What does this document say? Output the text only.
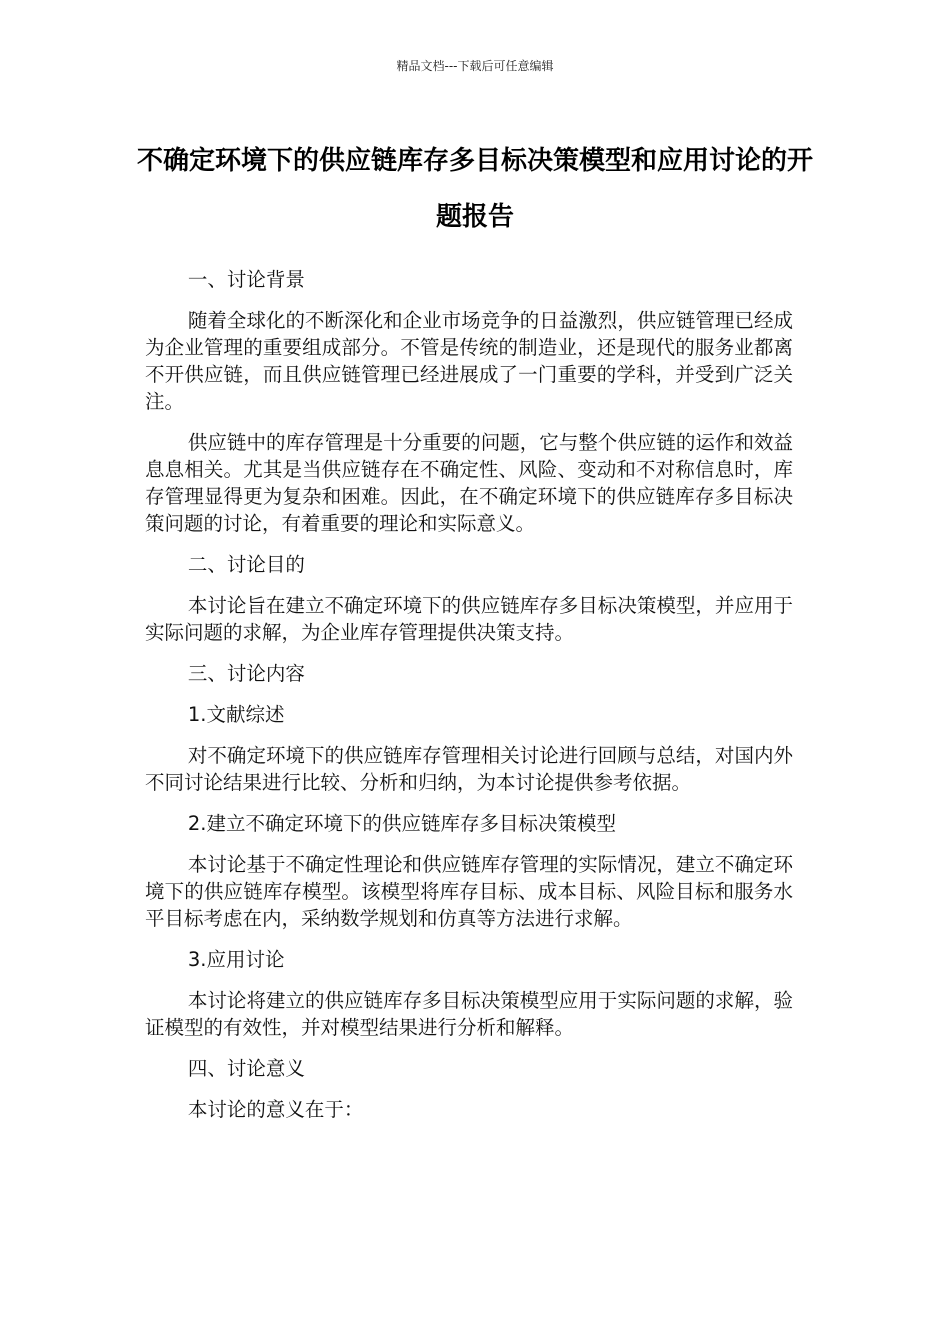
精品文档---下载后可任意编辑
不确定环境下的供应链库存多目标决策模型和应用讨论的开题报告

一、讨论背景

随着全球化的不断深化和企业市场竞争的日益激烈，供应链管理已经成为企业管理的重要组成部分。不管是传统的制造业，还是现代的服务业都离不开供应链，而且供应链管理已经进展成了一门重要的学科，并受到广泛关注。

供应链中的库存管理是十分重要的问题，它与整个供应链的运作和效益息息相关。尤其是当供应链存在不确定性、风险、变动和不对称信息时，库存管理显得更为复杂和困难。因此，在不确定环境下的供应链库存多目标决策问题的讨论，有着重要的理论和实际意义。

二、讨论目的

本讨论旨在建立不确定环境下的供应链库存多目标决策模型，并应用于实际问题的求解，为企业库存管理提供决策支持。

三、讨论内容

1.文献综述

对不确定环境下的供应链库存管理相关讨论进行回顾与总结，对国内外不同讨论结果进行比较、分析和归纳，为本讨论提供参考依据。

2.建立不确定环境下的供应链库存多目标决策模型

本讨论基于不确定性理论和供应链库存管理的实际情况，建立不确定环境下的供应链库存模型。该模型将库存目标、成本目标、风险目标和服务水平目标考虑在内，采纳数学规划和仿真等方法进行求解。

3.应用讨论

本讨论将建立的供应链库存多目标决策模型应用于实际问题的求解，验证模型的有效性，并对模型结果进行分析和解释。

四、讨论意义

本讨论的意义在于：
